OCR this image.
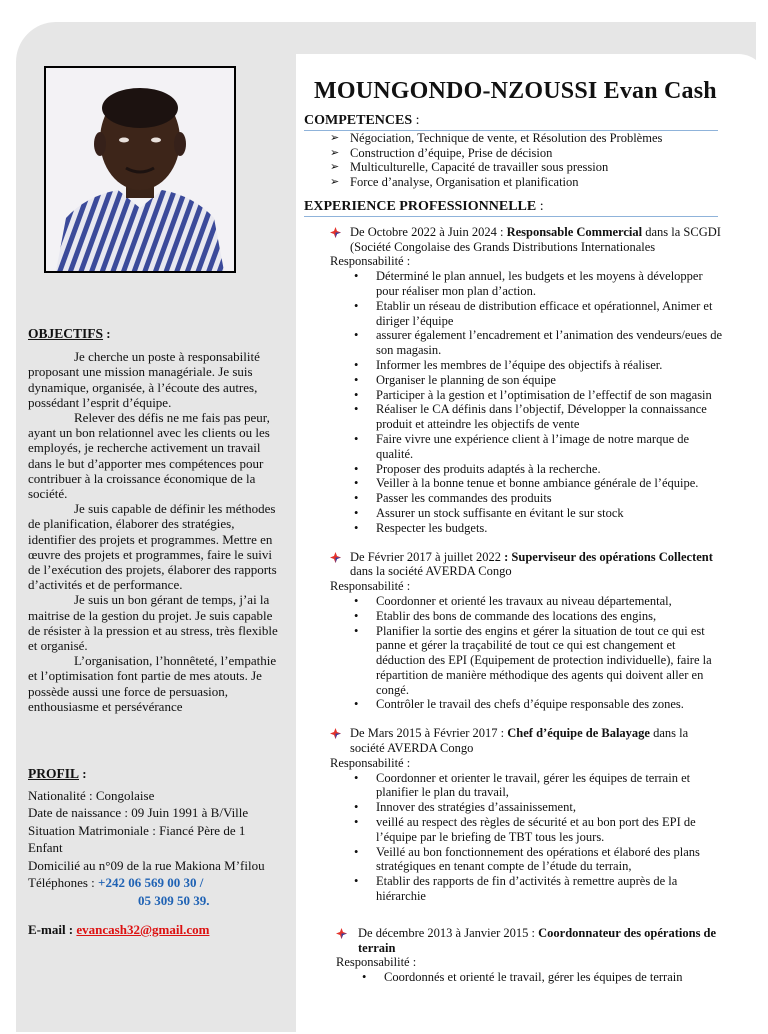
OBJECTIFS :

Je cherche un poste à responsabilité proposant une mission managériale. Je suis dynamique, organisée, à l’écoute des autres, possédant l’esprit d’équipe.

Relever des défis ne me fais pas peur, ayant un bon relationnel avec les clients ou les employés, je recherche activement un travail dans le but d’apporter mes compétences pour contribuer à la croissance économique de la société.

Je suis capable de définir les méthodes de planification, élaborer des stratégies, identifier des projets et programmes. Mettre en œuvre des projets et programmes, faire le suivi de l’exécution des projets, élaborer des rapports d’activités et de performance.

Je suis un bon gérant de temps, j’ai la maitrise de la gestion du projet. Je suis capable de résister à la pression et au stress, très flexible et organisé.

L’organisation, l’honnêteté, l’empathie et l’optimisation font partie de mes atouts. Je possède aussi une force de persuasion, enthousiasme et persévérance

PROFIL :

Nationalité : Congolaise

Date de naissance : 09 Juin 1991 à B/Ville

Situation Matrimoniale : Fiancé Père de 1 Enfant

Domicilié au n°09 de la rue Makiona M’filou

Téléphones : +242 06 569 00 30 /

05 309 50 39.

E-mail : evancash32@gmail.com

MOUNGONDO-NZOUSSI Evan Cash

COMPETENCES :

➢ Négociation, Technique de vente, et Résolution des Problèmes
➢ Construction d’équipe, Prise de décision
➢ Multiculturelle, Capacité de travailler sous pression
➢ Force d’analyse, Organisation et planification

EXPERIENCE PROFESSIONNELLE :

De Octobre 2022 à Juin 2024 : Responsable Commercial dans la SCGDI (Société Congolaise des Grands Distributions Internationales

Responsabilité :

• Déterminé le plan annuel, les budgets et les moyens à développer pour réaliser mon plan d’action.
• Etablir un réseau de distribution efficace et opérationnel, Animer et diriger l’équipe
• assurer également l’encadrement et l’animation des vendeurs/eues de son magasin.
• Informer les membres de l’équipe des objectifs à réaliser.
• Organiser le planning de son équipe
• Participer à la gestion et l’optimisation de l’effectif de son magasin
• Réaliser le CA définis dans l’objectif, Développer la connaissance produit et atteindre les objectifs de vente
• Faire vivre une expérience client à l’image de notre marque de qualité.
• Proposer des produits adaptés à la recherche.
• Veiller à la bonne tenue et bonne ambiance générale de l’équipe.
• Passer les commandes des produits
• Assurer un stock suffisante en évitant le sur stock
• Respecter les budgets.
De Février 2017 à juillet 2022 : Superviseur des opérations Collectent dans la société AVERDA Congo

Responsabilité :

• Coordonner et orienté les travaux au niveau départemental,
• Etablir des bons de commande des locations des engins,
• Planifier la sortie des engins et gérer la situation de tout ce qui est panne et gérer la traçabilité de tout ce qui est changement et déduction des EPI (Equipement de protection individuelle), faire la répartition de manière méthodique des agents qui doivent aller en congé.
• Contrôler le travail des chefs d’équipe responsable des zones.
De Mars 2015 à Février 2017 : Chef d’équipe de Balayage dans la société AVERDA Congo

Responsabilité :

• Coordonner et orienter le travail, gérer les équipes de terrain et planifier le plan du travail,
• Innover des stratégies d’assainissement,
• veillé au respect des règles de sécurité et au bon port des EPI de l’équipe par le briefing de TBT tous les jours.
• Veillé au bon fonctionnement des opérations et élaboré des plans stratégiques en tenant compte de l’étude du terrain,
• Etablir des rapports de fin d’activités à remettre auprès de la hiérarchie
De décembre 2013 à Janvier 2015 : Coordonnateur des opérations de terrain

Responsabilité :

• Coordonnés et orienté le travail, gérer les équipes de terrain
